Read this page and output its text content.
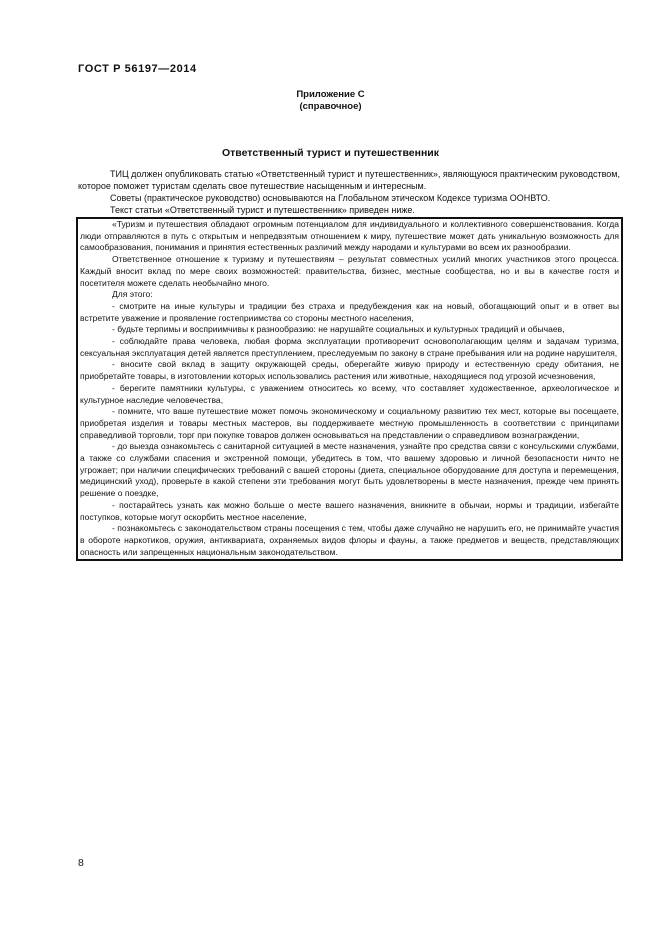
ГОСТ Р 56197—2014
Приложение С
(справочное)
Ответственный турист и путешественник

ТИЦ должен опубликовать статью «Ответственный турист и путешественник», являющуюся практическим руководством, которое поможет туристам сделать свое путешествие насыщенным и интересным.

Советы (практическое руководство) основываются на Глобальном этическом Кодексе туризма ООНВТО.

Текст статьи «Ответственный турист и путешественник» приведен ниже.

«Туризм и путешествия обладают огромным потенциалом для индивидуального и коллективного совершенствования. Когда люди отправляются в путь с открытым и непредвзятым отношением к миру, путешествие может дать уникальную возможность для самообразования, понимания и принятия естественных различий между народами и культурами во всем их разнообразии.

Ответственное отношение к туризму и путешествиям – результат совместных усилий многих участников этого процесса. Каждый вносит вклад по мере своих возможностей: правительства, бизнес, местные сообщества, но и вы в качестве гостя и посетителя можете сделать необычайно много.

Для этого:

- смотрите на иные культуры и традиции без страха и предубеждения как на новый, обогащающий опыт и в ответ вы встретите уважение и проявление гостеприимства со стороны местного населения,

- будьте терпимы и восприимчивы к разнообразию: не нарушайте социальных и культурных традиций и обычаев,

- соблюдайте права человека, любая форма эксплуатации противоречит основополагающим целям и задачам туризма, сексуальная эксплуатация детей является преступлением, преследуемым по закону в стране пребывания или на родине нарушителя,

- вносите свой вклад в защиту окружающей среды, оберегайте живую природу и естественную среду обитания, не приобретайте товары, в изготовлении которых использовались растения или животные, находящиеся под угрозой исчезновения,

- берегите памятники культуры, с уважением относитесь ко всему, что составляет художественное, археологическое и культурное наследие человечества,

- помните, что ваше путешествие может помочь экономическому и социальному развитию тех мест, которые вы посещаете, приобретая изделия и товары местных мастеров, вы поддерживаете местную промышленность в соответствии с принципами справедливой торговли, торг при покупке товаров должен основываться на представлении о справедливом вознаграждении,

- до выезда ознакомьтесь с санитарной ситуацией в месте назначения, узнайте про средства связи с консульскими службами, а также со службами спасения и экстренной помощи, убедитесь в том, что вашему здоровью и личной безопасности ничто не угрожает; при наличии специфических требований с вашей стороны (диета, специальное оборудование для доступа и перемещения, медицинский уход), проверьте в какой степени эти требования могут быть удовлетворены в месте назначения, прежде чем принять решение о поездке,

- постарайтесь узнать как можно больше о месте вашего назначения, вникните в обычаи, нормы и традиции, избегайте поступков, которые могут оскорбить местное население,

- познакомьтесь с законодательством страны посещения с тем, чтобы даже случайно не нарушить его, не принимайте участия в обороте наркотиков, оружия, антиквариата, охраняемых видов флоры и фауны, а также предметов и веществ, представляющих опасность или запрещенных национальным законодательством.

8
